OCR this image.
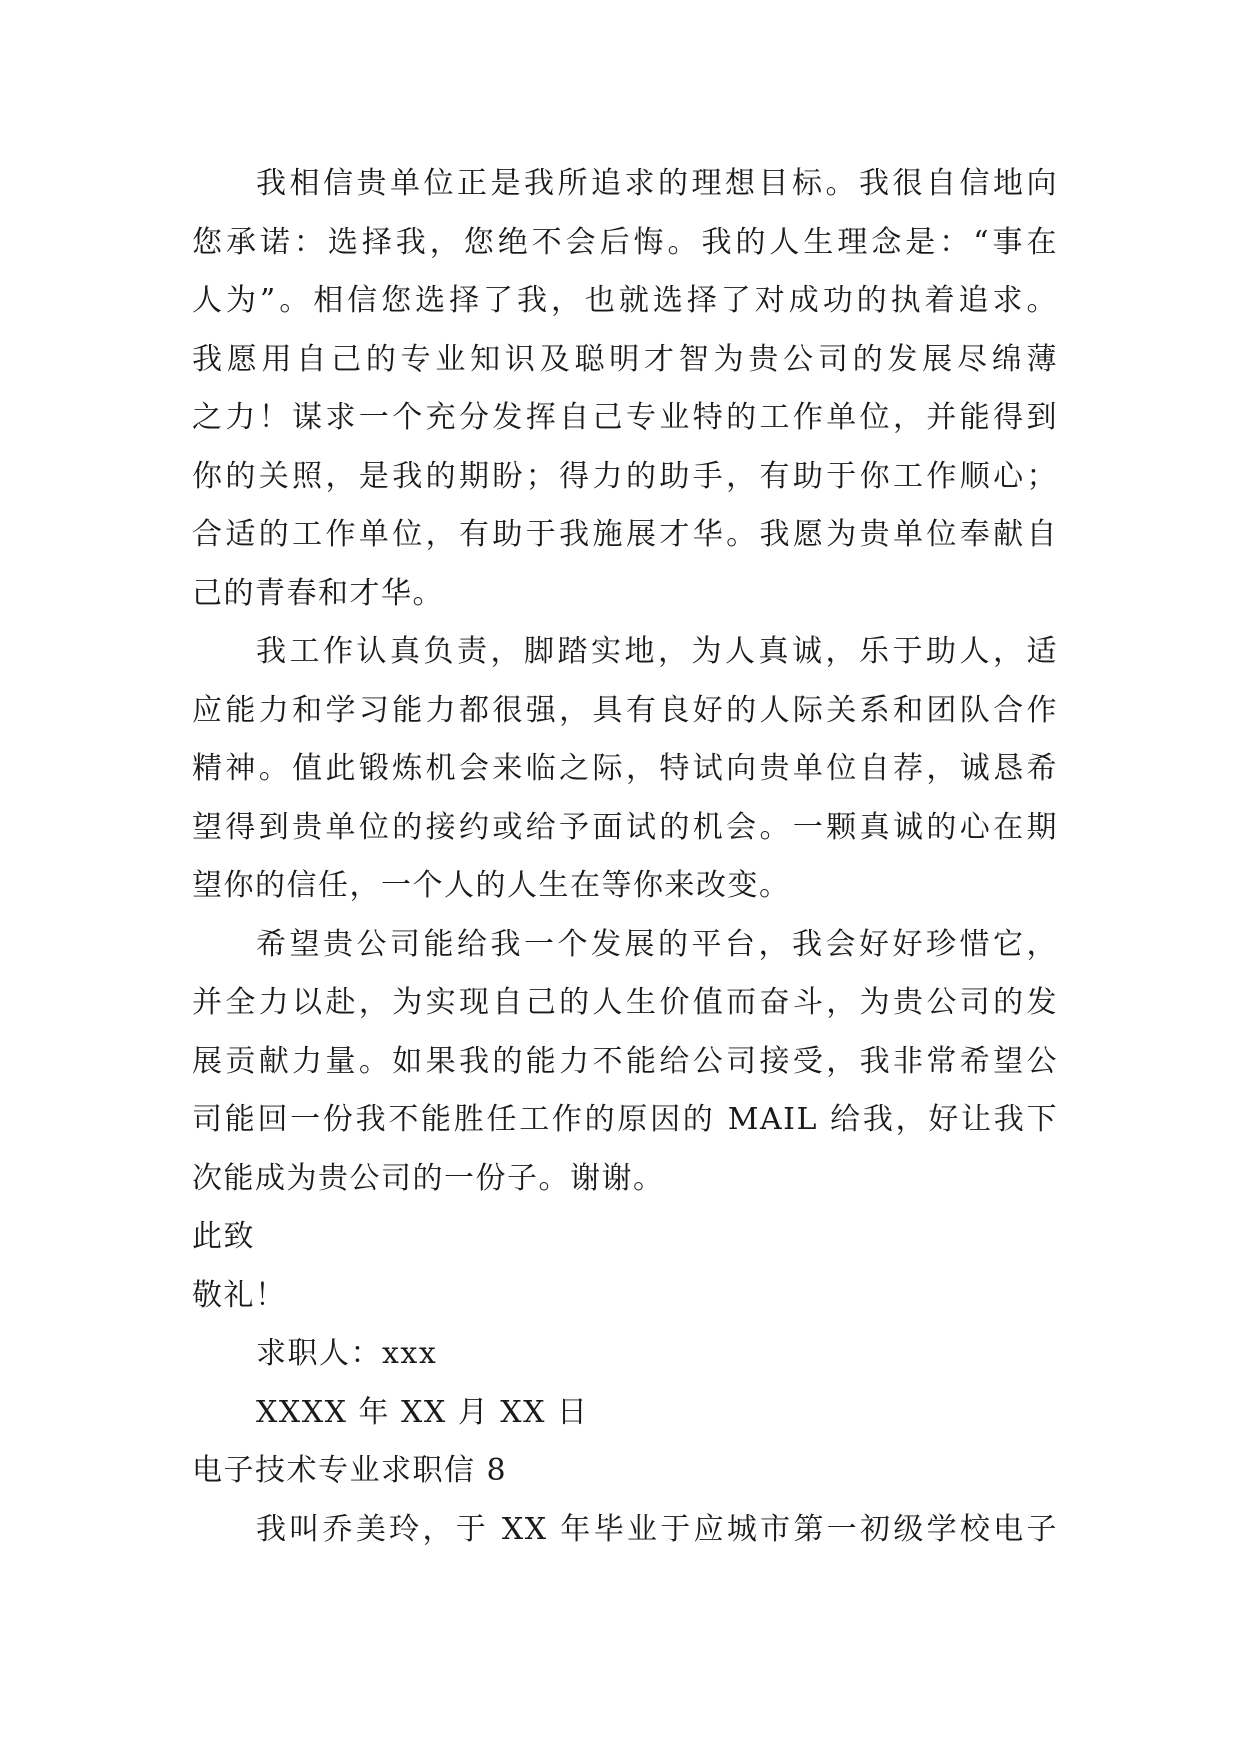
我相信贵单位正是我所追求的理想目标。我很自信地向
您承诺：选择我，您绝不会后悔。我的人生理念是：“事在
人为”。相信您选择了我，也就选择了对成功的执着追求。
我愿用自己的专业知识及聪明才智为贵公司的发展尽绵薄
之力！谋求一个充分发挥自己专业特的工作单位，并能得到
你的关照，是我的期盼；得力的助手，有助于你工作顺心；
合适的工作单位，有助于我施展才华。我愿为贵单位奉献自
己的青春和才华。
我工作认真负责，脚踏实地，为人真诚，乐于助人，适
应能力和学习能力都很强，具有良好的人际关系和团队合作
精神。值此锻炼机会来临之际，特试向贵单位自荐，诚恳希
望得到贵单位的接约或给予面试的机会。一颗真诚的心在期
望你的信任，一个人的人生在等你来改变。
希望贵公司能给我一个发展的平台，我会好好珍惜它，
并全力以赴，为实现自己的人生价值而奋斗，为贵公司的发
展贡献力量。如果我的能力不能给公司接受，我非常希望公
司能回一份我不能胜任工作的原因的 MAIL 给我，好让我下
次能成为贵公司的一份子。谢谢。
此致
敬礼！
求职人：xxx
XXXX 年 XX 月 XX 日
电子技术专业求职信 8
我叫乔美玲，于 XX 年毕业于应城市第一初级学校电子
